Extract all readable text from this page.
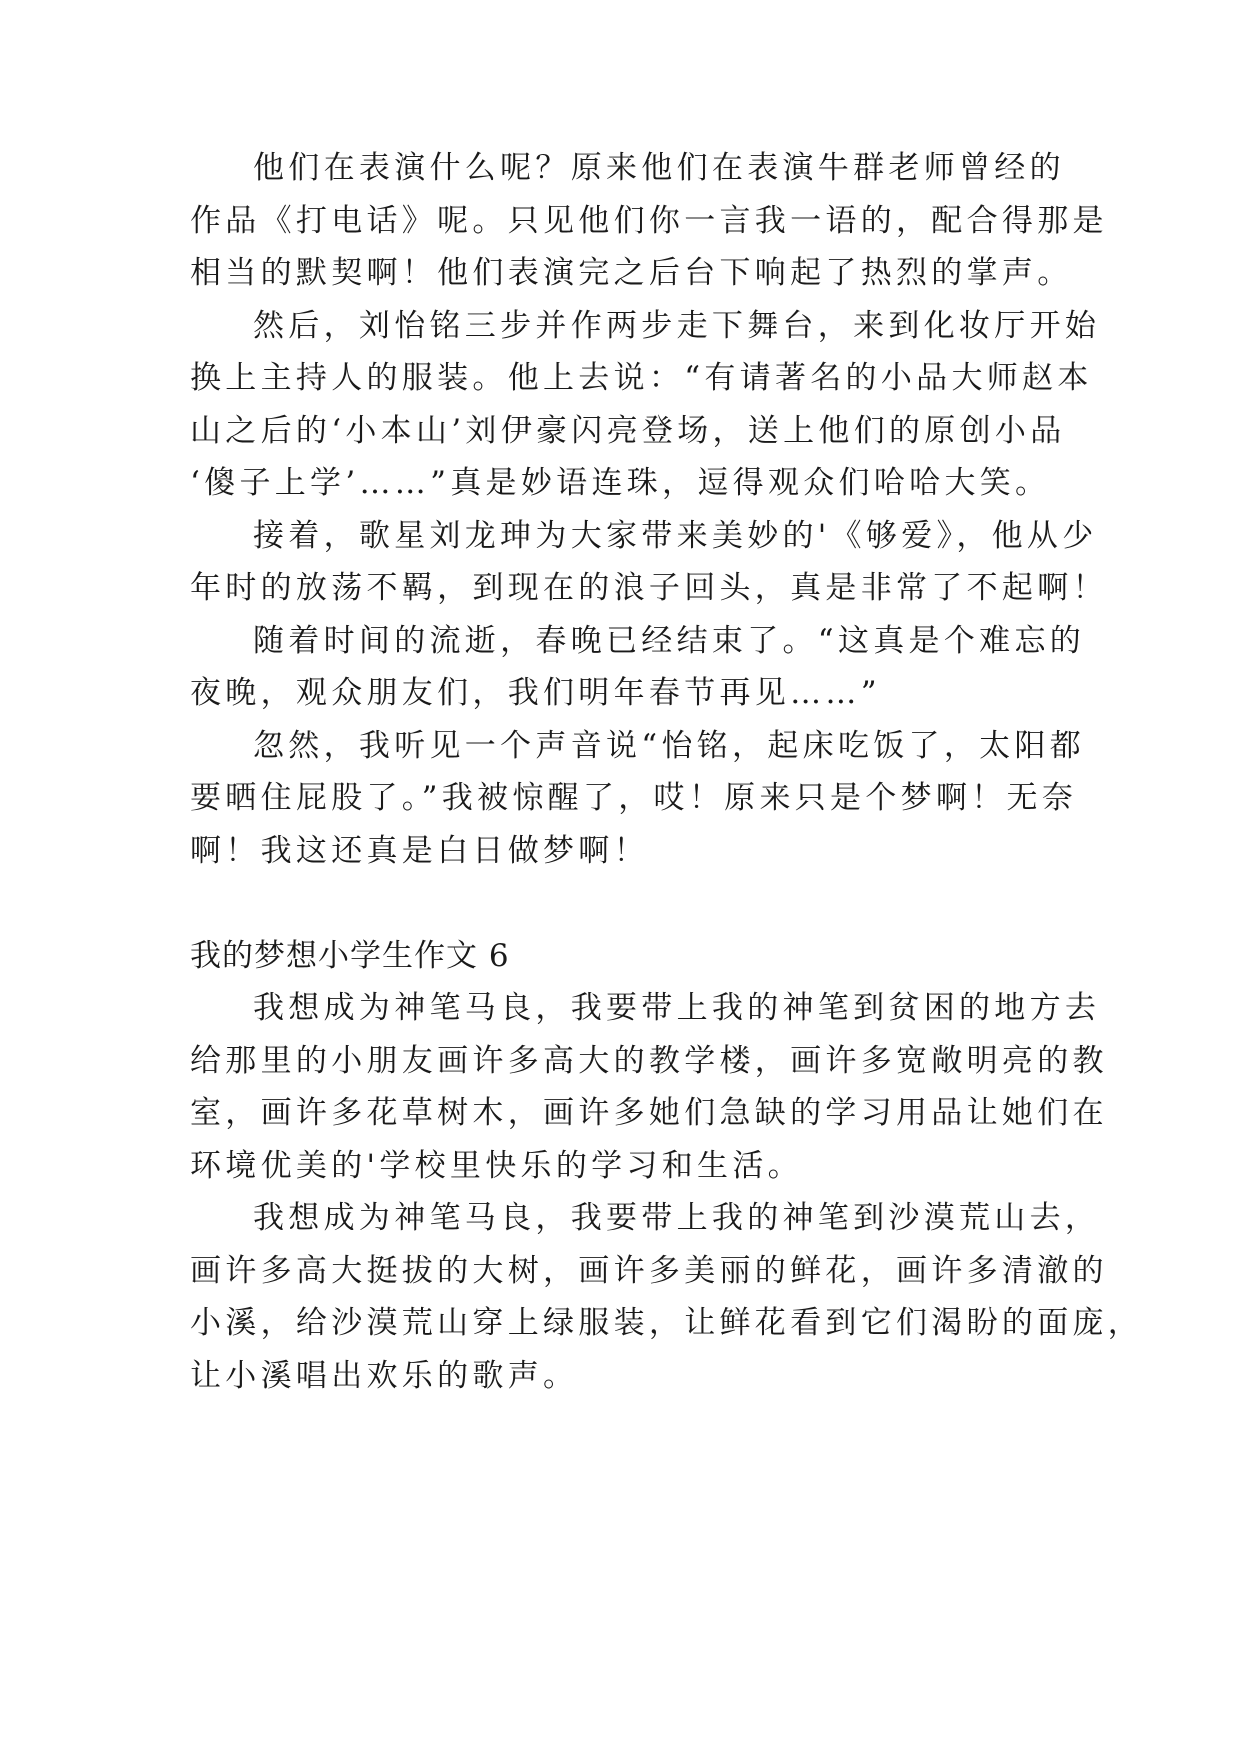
他们在表演什么呢？原来他们在表演牛群老师曾经的
作品《打电话》呢。只见他们你一言我一语的，配合得那是
相当的默契啊！他们表演完之后台下响起了热烈的掌声。
然后，刘怡铭三步并作两步走下舞台，来到化妆厅开始
换上主持人的服装。他上去说：“有请著名的小品大师赵本
山之后的‘小本山’刘伊豪闪亮登场，送上他们的原创小品
‘傻子上学’……”真是妙语连珠，逗得观众们哈哈大笑。
接着，歌星刘龙珅为大家带来美妙的'《够爱》，他从少
年时的放荡不羁，到现在的浪子回头，真是非常了不起啊！
随着时间的流逝，春晚已经结束了。“这真是个难忘的
夜晚，观众朋友们，我们明年春节再见……”
忽然，我听见一个声音说“怡铭，起床吃饭了，太阳都
要晒住屁股了。”我被惊醒了，哎！原来只是个梦啊！无奈
啊！我这还真是白日做梦啊！
我的梦想小学生作文 6
我想成为神笔马良，我要带上我的神笔到贫困的地方去
给那里的小朋友画许多高大的教学楼，画许多宽敞明亮的教
室，画许多花草树木，画许多她们急缺的学习用品让她们在
环境优美的'学校里快乐的学习和生活。
我想成为神笔马良，我要带上我的神笔到沙漠荒山去，
画许多高大挺拔的大树，画许多美丽的鲜花，画许多清澈的
小溪，给沙漠荒山穿上绿服装，让鲜花看到它们渴盼的面庞，
让小溪唱出欢乐的歌声。
